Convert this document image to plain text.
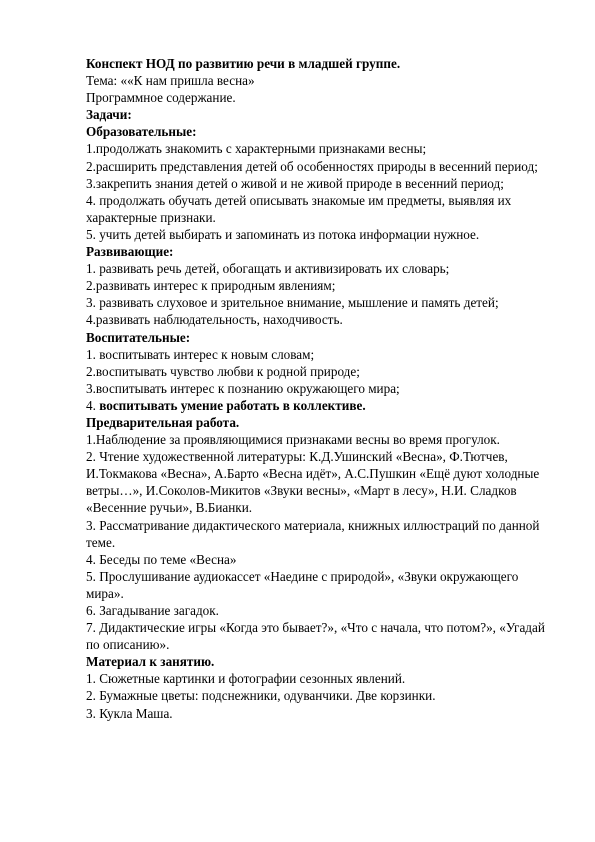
Конспект НОД по развитию речи в младшей группе.

Тема: ««К нам пришла весна»

Программное содержание.

Задачи:

Образовательные:

1.продолжать знакомить с характерными признаками весны;

2.расширить представления детей об особенностях природы в весенний период;

3.закрепить знания детей о живой и не живой природе в весенний период;

4. продолжать обучать детей описывать знакомые им предметы, выявляя их характерные признаки.

5. учить детей выбирать и запоминать из потока информации нужное.

Развивающие:

1. развивать речь детей, обогащать и активизировать их словарь;

2.развивать интерес к природным явлениям;

3. развивать слуховое и зрительное внимание, мышление и память детей;

4.развивать наблюдательность, находчивость.

Воспитательные:

1. воспитывать интерес к новым словам;

2.воспитывать чувство любви к родной природе;

3.воспитывать интерес к познанию окружающего мира;

4. воспитывать умение работать в коллективе.

Предварительная работа.

1.Наблюдение за проявляющимися признаками весны во время прогулок.

2. Чтение художественной литературы: К.Д.Ушинский «Весна», Ф.Тютчев, И.Токмакова «Весна», А.Барто «Весна идёт», А.С.Пушкин «Ещё дуют холодные ветры…», И.Соколов-Микитов «Звуки весны», «Март в лесу», Н.И. Сладков «Весенние ручьи», В.Бианки.

3. Рассматривание дидактического материала, книжных иллюстраций по данной теме.

4. Беседы по теме «Весна»

5. Прослушивание аудиокассет «Наедине с природой», «Звуки окружающего мира».

6. Загадывание загадок.

7. Дидактические игры «Когда это бывает?», «Что с начала, что потом?», «Угадай по описанию».

Материал к занятию.

1. Сюжетные картинки и фотографии сезонных явлений.

2. Бумажные цветы: подснежники, одуванчики. Две корзинки.

3. Кукла Маша.
